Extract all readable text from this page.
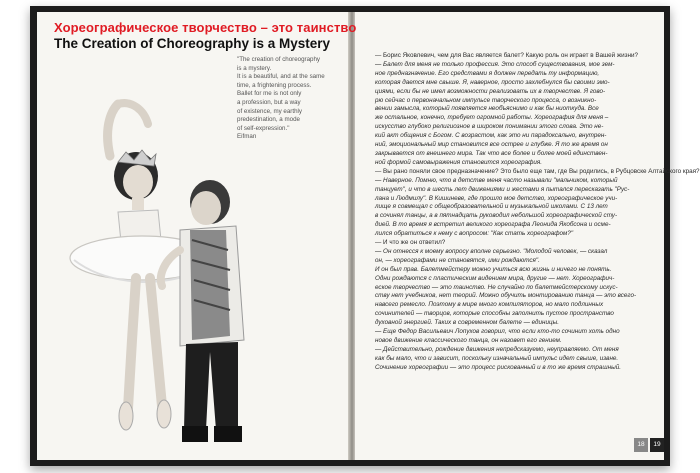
Хореографическое творчество – это таинство
The Creation of Choreography is a Mystery
"The creation of choreography
is a mystery.
It is a beautiful, and at the same
time, a frightening process.
Ballet for me is not only
a profession, but a way
of existence, my earthly
predestination, a mode
of self-expression."
Eifman
— Борис Яковлевич, чем для Вас является балет? Какую роль он играет в Вашей жизни?
— Балет для меня не только профессия. Это способ существования, мое зем-
ное предназначение. Его средствами я должен передать ту информацию,
которая дается мне свыше. Я, наверное, просто захлебнулся бы своими эмо-
циями, если бы не имел возможности реализовать их в творчестве. Я гово-
рю сейчас о первоначальном импульсе творческого процесса, о возникно-
вении замысла, который появляется необъяснимо и как бы ниоткуда. Все
же остальное, конечно, требует огромной работы. Хореография для меня –
искусство глубоко религиозное в широком понимании этого слова. Это не-
кий акт общения с Богом. С возрастом, как это ни парадоксально, внутрен-
ний, эмоциональный мир становится все острее и глубже. Я то же время он
закрывается от внешнего мира. Так что все более и более моей единствен-
ной формой самовыражения становится хореография.
— Вы рано поняли свое предназначение? Это было еще там, где Вы родились, в Рубцовске Алтайского края?
— Наверное. Помню, что в детстве меня часто называли "мальчиком, который
танцует", и что в шесть лет движениями и жестами я пытался пересказать "Рус-
лана и Людмилу". В Кишиневе, где прошло мое детство, хореографическое учи-
лище я совмещал с общеобразовательной и музыкальной школами. С 13 лет
в сочинял танцы, а в пятнадцать руководил небольшой хореографической сту-
дией. В то время я встретил великого хореографа Леонида Якобсона и осме-
лился обратиться к нему с вопросом: "Как стать хореографом?"
— И что же он ответил?
— Он отнесся к моему вопросу вполне серьезно. "Молодой человек, — сказал
он, — хореографами не становятся, ими рождаются".
И он был прав. Балетмейстеру можно учиться всю жизнь и ничего не понять.
Одни рождаются с пластическим видением мира, другие — нет. Хореографич-
еское творчество — это таинство. Не случайно по балетмейстерскому искус-
ству нет учебников, нет теорий. Можно обучить монтированию танца — это всего-
навсего ремесло. Поэтому в мире много компиляторов, но мало подлинных
сочинителей — творцов, которые способны заполнить пустое пространство
духовной энергией. Таких в современном балете — единицы.
— Еще Федор Васильевич Лопухов говорил, что если кто-то сочинит хоть одно
новое движение классического танца, он назовет его гением.
— Действительно, рождение движения непредсказуемо, неуправляемо. От меня
как бы мало, что и зависит, поскольку изначальный импульс идет свыше, извне.
Сочинение хореографии — это процесс рискованный и в то же время страшный.
18	19
